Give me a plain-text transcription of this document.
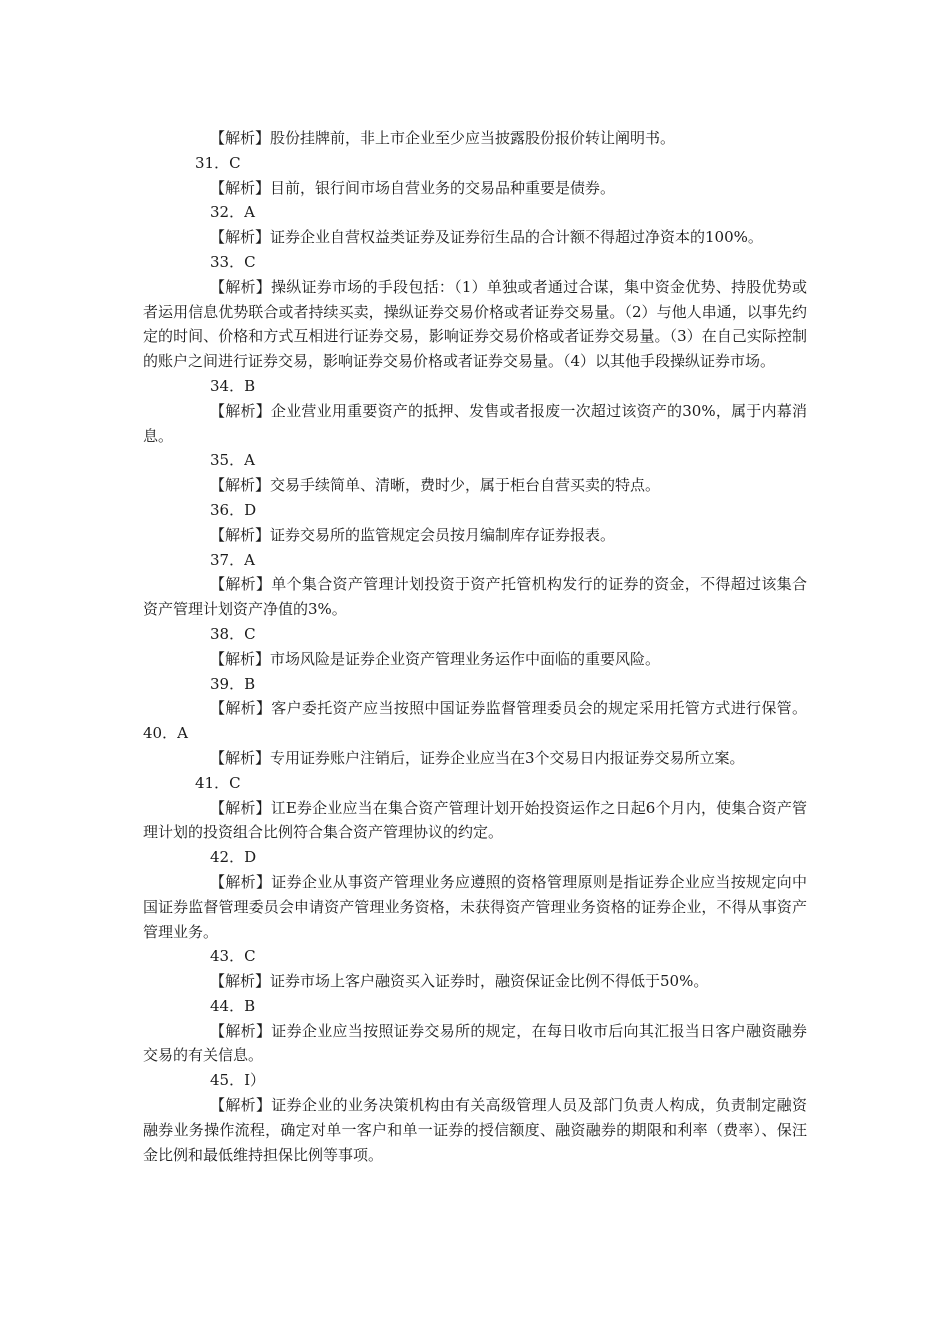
【解析】股份挂牌前，非上市企业至少应当披露股份报价转让阐明书。
31．C
【解析】目前，银行间市场自营业务的交易品种重要是债券。
32．A
【解析】证券企业自营权益类证券及证券衍生品的合计额不得超过净资本的100%。
33．C
【解析】操纵证券市场的手段包括：（1）单独或者通过合谋，集中资金优势、持股优势或者运用信息优势联合或者持续买卖，操纵证券交易价格或者证券交易量。（2）与他人串通，以事先约定的时间、价格和方式互相进行证券交易，影响证券交易价格或者证券交易量。（3）在自己实际控制的账户之间进行证券交易，影响证券交易价格或者证券交易量。（4）以其他手段操纵证券市场。
34．B
【解析】企业营业用重要资产的抵押、发售或者报废一次超过该资产的30%，属于内幕消息。
35．A
【解析】交易手续简单、清晰，费时少，属于柜台自营买卖的特点。
36．D
【解析】证券交易所的监管规定会员按月编制库存证券报表。
37．A
【解析】单个集合资产管理计划投资于资产托管机构发行的证券的资金，不得超过该集合资产管理计划资产净值的3%。
38．C
【解析】市场风险是证券企业资产管理业务运作中面临的重要风险。
39．B
【解析】客户委托资产应当按照中国证券监督管理委员会的规定采用托管方式进行保管。40．A
【解析】专用证券账户注销后，证券企业应当在3个交易日内报证券交易所立案。
41．C
【解析】讧E券企业应当在集合资产管理计划开始投资运作之日起6个月内，使集合资产管理计划的投资组合比例符合集合资产管理协议的约定。
42．D
【解析】证券企业从事资产管理业务应遵照的资格管理原则是指证券企业应当按规定向中国证券监督管理委员会申请资产管理业务资格，未获得资产管理业务资格的证券企业，不得从事资产管理业务。
43．C
【解析】证券市场上客户融资买入证券时，融资保证金比例不得低于50%。
44．B
【解析】证券企业应当按照证券交易所的规定，在每日收市后向其汇报当日客户融资融券交易的有关信息。
45．I）
【解析】证券企业的业务决策机构由有关高级管理人员及部门负责人构成，负责制定融资融券业务操作流程，确定对单一客户和单一证券的授信额度、融资融券的期限和利率（费率）、保汪金比例和最低维持担保比例等事项。
